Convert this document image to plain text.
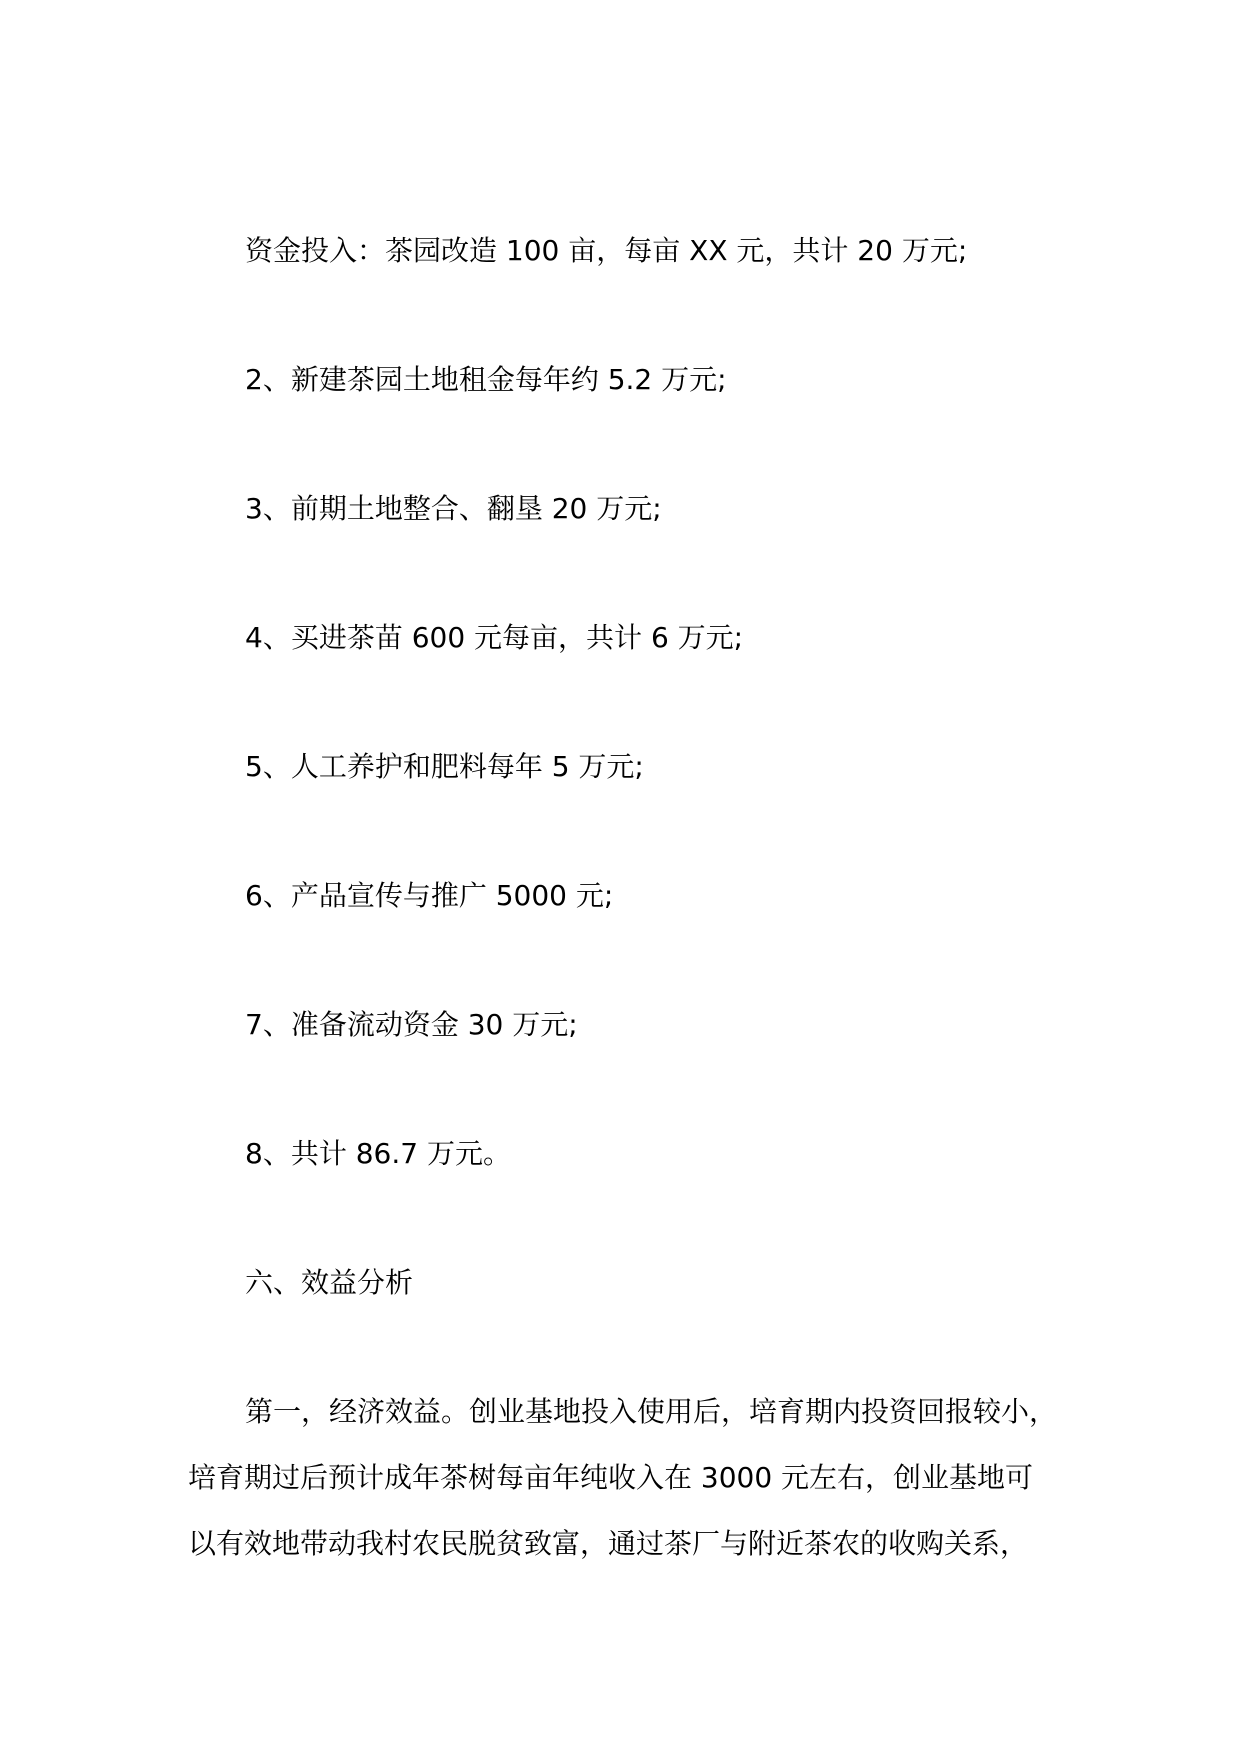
资金投入：茶园改造 100 亩，每亩 XX 元，共计 20 万元;
2、新建茶园土地租金每年约 5.2 万元;
3、前期土地整合、翻垦 20 万元;
4、买进茶苗 600 元每亩，共计 6 万元;
5、人工养护和肥料每年 5 万元;
6、产品宣传与推广 5000 元;
7、准备流动资金 30 万元;
8、共计 86.7 万元。
六、效益分析
第一，经济效益。创业基地投入使用后，培育期内投资回报较小，
培育期过后预计成年茶树每亩年纯收入在 3000 元左右，创业基地可
以有效地带动我村农民脱贫致富，通过茶厂与附近茶农的收购关系，
